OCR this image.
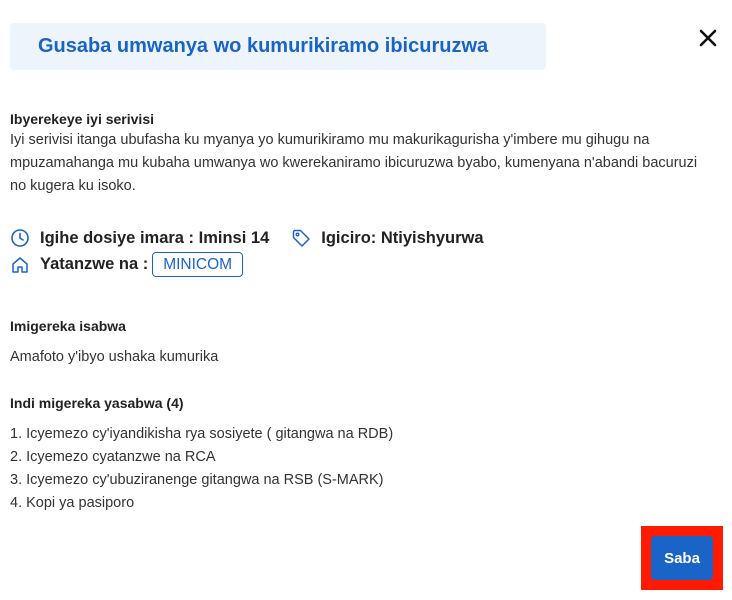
Gusaba umwanya wo kumurikiramo ibicuruzwa
Ibyerekeye iyi serivisi
Iyi serivisi itanga ubufasha ku myanya yo kumurikiramo mu makurikagurisha y'imbere mu gihugu na mpuzamahanga mu kubaha umwanya wo kwerekaniramo ibicuruzwa byabo, kumenyana n'abandi bacuruzi no kugera ku isoko.
Igihe dosiye imara : Iminsi 14	Igiciro: Ntiyishyurwa
Yatanzwe na : MINICOM
Imigereka isabwa
Amafoto y'ibyo ushaka kumurika
Indi migereka yasabwa (4)
1. Icyemezo cy'iyandikisha rya sosiyete ( gitangwa na RDB)
2. Icyemezo cyatanzwe na RCA
3. Icyemezo cy'ubuziranenge gitangwa na RSB (S-MARK)
4. Kopi ya pasiporo
Saba
